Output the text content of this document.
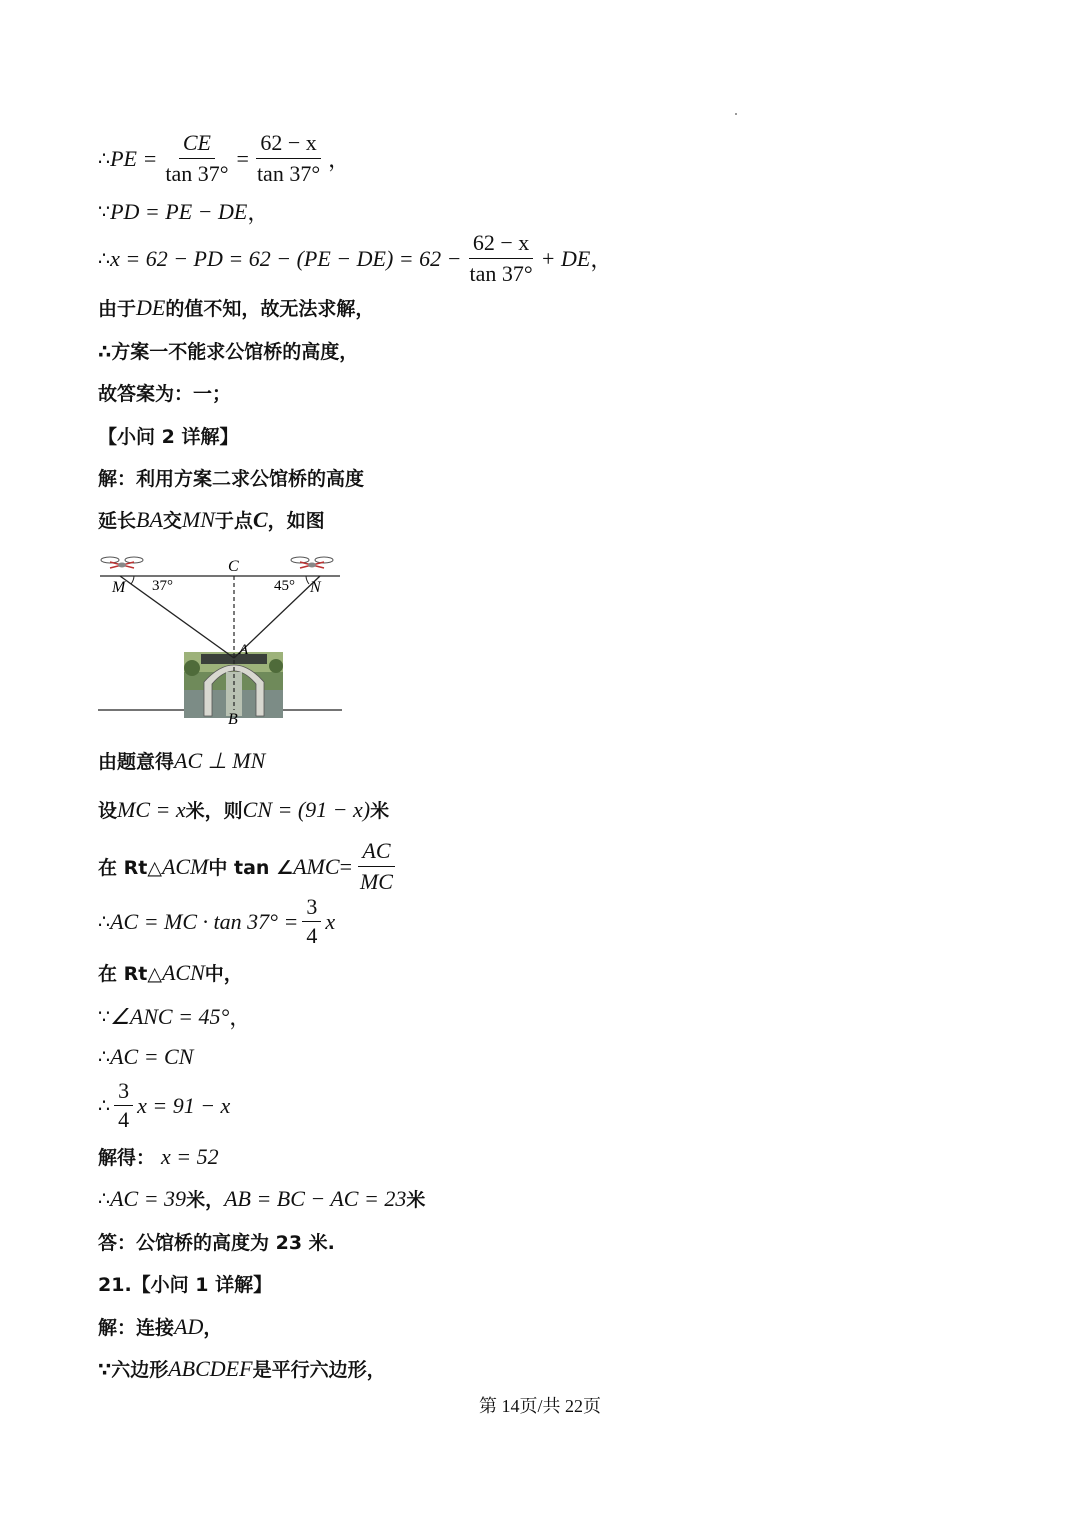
∴ PE = $\frac{CE}{\tan 37^\circ} = \frac{62 - x}{\tan 37^\circ}$ ，
∵ PD = PE − DE ，
∴ x = 62 − PD = $62 - (PE - DE) = 62 - \frac{62 - x}{\tan 37^\circ}$ + DE ，
由于 DE 的值不知，故无法求解，
∴方案一不能求公馆桥的高度，
故答案为：一；
【小问 2 详解】
解：利用方案二求公馆桥的高度
延长 BA 交 MN 于点 C ，如图
M 37°
C
45° N
A
B
由题意得 AC ⊥ MN
设 MC = x 米，则 CN = (91 − x) 米
在 Rt△ ACM 中 tan ∠ AMC = $\frac{AC}{MC}$
∴ AC = MC · $\tan 37^\circ = \frac{3}{4}$ x
在 Rt△ ACN 中，
∵ ∠ANC = 45° ，
∴ AC = CN
∴ $\frac{3}{4}$ x = 91 − x
解得： x = 52
∴ AC = 39 米， AB = BC − AC = 23 米
答：公馆桥的高度为 23 米.
21.【小问 1 详解】
解：连接 AD ，
∵六边形 ABCDEF 是平行六边形，
第 14页/共 22页
